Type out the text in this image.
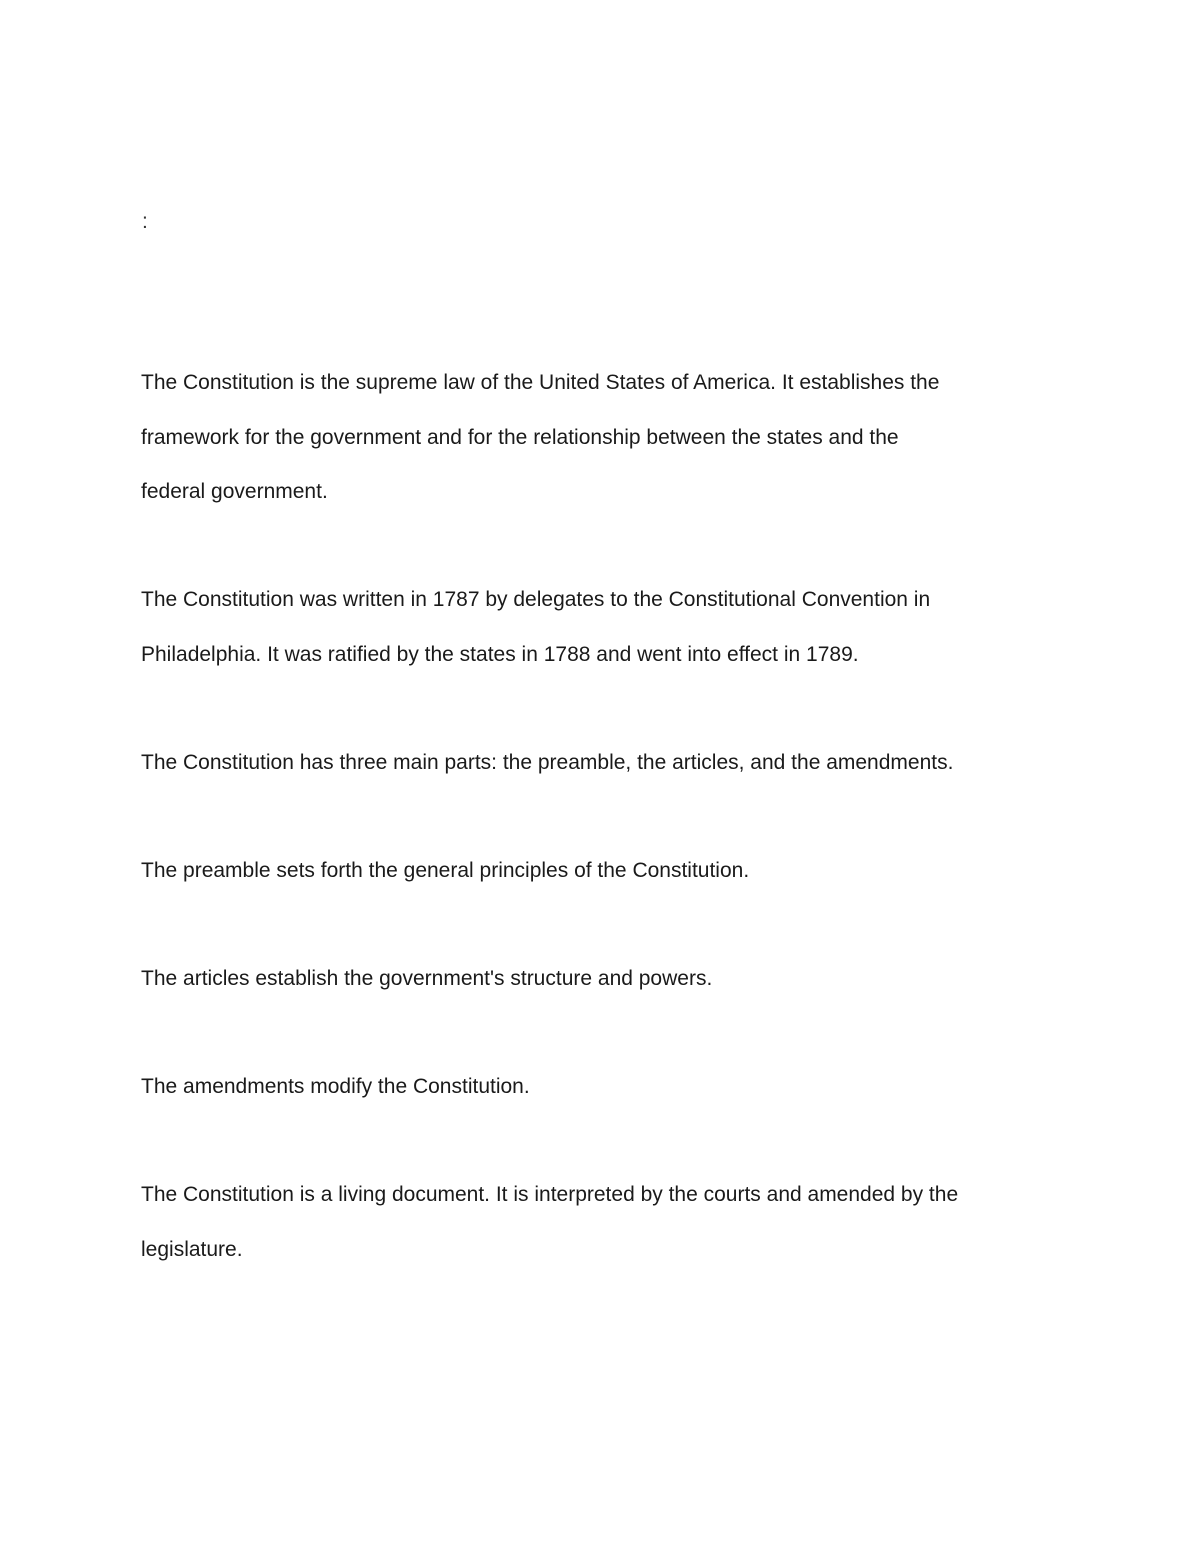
:

The Constitution is the supreme law of the United States of America. It establishes the
framework for the government and for the relationship between the states and the
federal government.

The Constitution was written in 1787 by delegates to the Constitutional Convention in
Philadelphia. It was ratified by the states in 1788 and went into effect in 1789.

The Constitution has three main parts: the preamble, the articles, and the amendments.

The preamble sets forth the general principles of the Constitution.

The articles establish the government's structure and powers.

The amendments modify the Constitution.

The Constitution is a living document. It is interpreted by the courts and amended by the
legislature.
